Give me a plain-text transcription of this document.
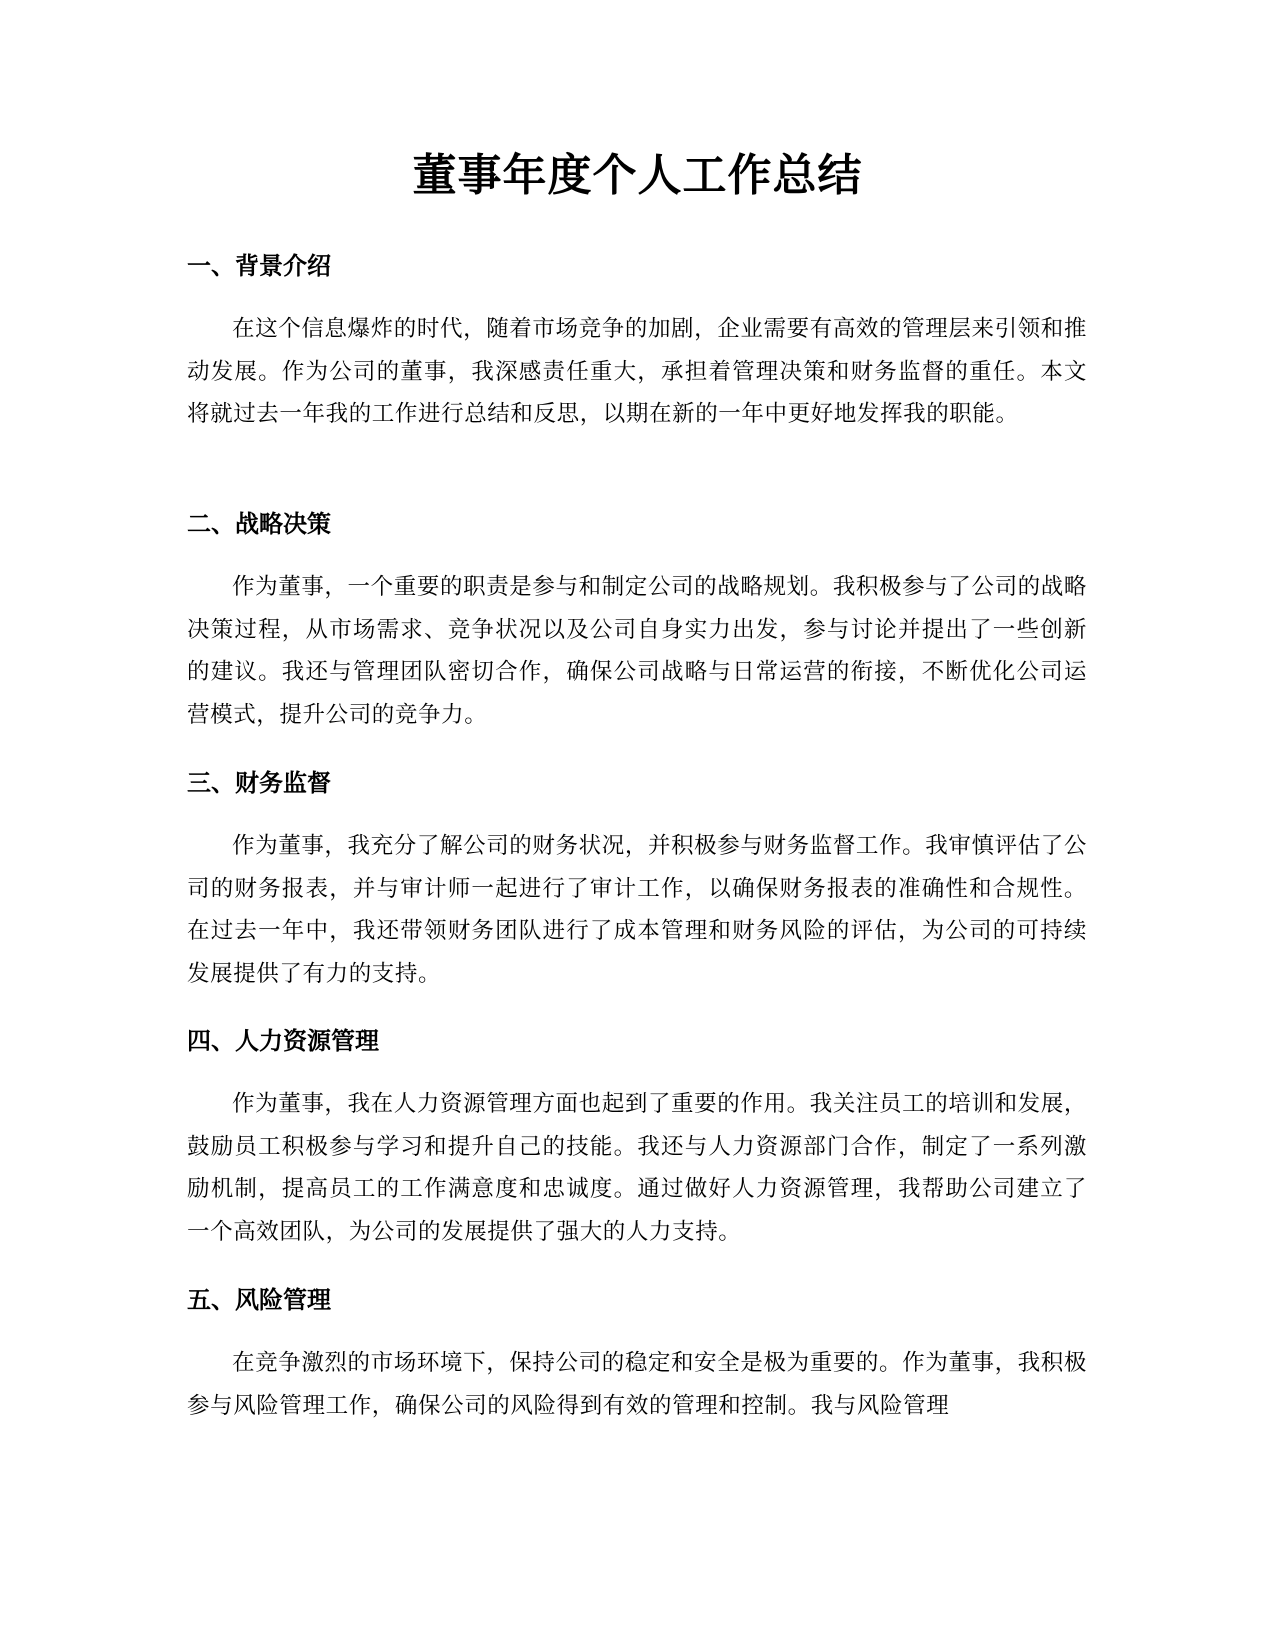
董事年度个人工作总结
一、背景介绍

在这个信息爆炸的时代，随着市场竞争的加剧，企业需要有高效的管理层来引领和推动发展。作为公司的董事，我深感责任重大，承担着管理决策和财务监督的重任。本文将就过去一年我的工作进行总结和反思，以期在新的一年中更好地发挥我的职能。

二、战略决策

作为董事，一个重要的职责是参与和制定公司的战略规划。我积极参与了公司的战略决策过程，从市场需求、竞争状况以及公司自身实力出发，参与讨论并提出了一些创新的建议。我还与管理团队密切合作，确保公司战略与日常运营的衔接，不断优化公司运营模式，提升公司的竞争力。

三、财务监督

作为董事，我充分了解公司的财务状况，并积极参与财务监督工作。我审慎评估了公司的财务报表，并与审计师一起进行了审计工作，以确保财务报表的准确性和合规性。在过去一年中，我还带领财务团队进行了成本管理和财务风险的评估，为公司的可持续发展提供了有力的支持。

四、人力资源管理

作为董事，我在人力资源管理方面也起到了重要的作用。我关注员工的培训和发展，鼓励员工积极参与学习和提升自己的技能。我还与人力资源部门合作，制定了一系列激励机制，提高员工的工作满意度和忠诚度。通过做好人力资源管理，我帮助公司建立了一个高效团队，为公司的发展提供了强大的人力支持。

五、风险管理

在竞争激烈的市场环境下，保持公司的稳定和安全是极为重要的。作为董事，我积极参与风险管理工作，确保公司的风险得到有效的管理和控制。我与风险管理
